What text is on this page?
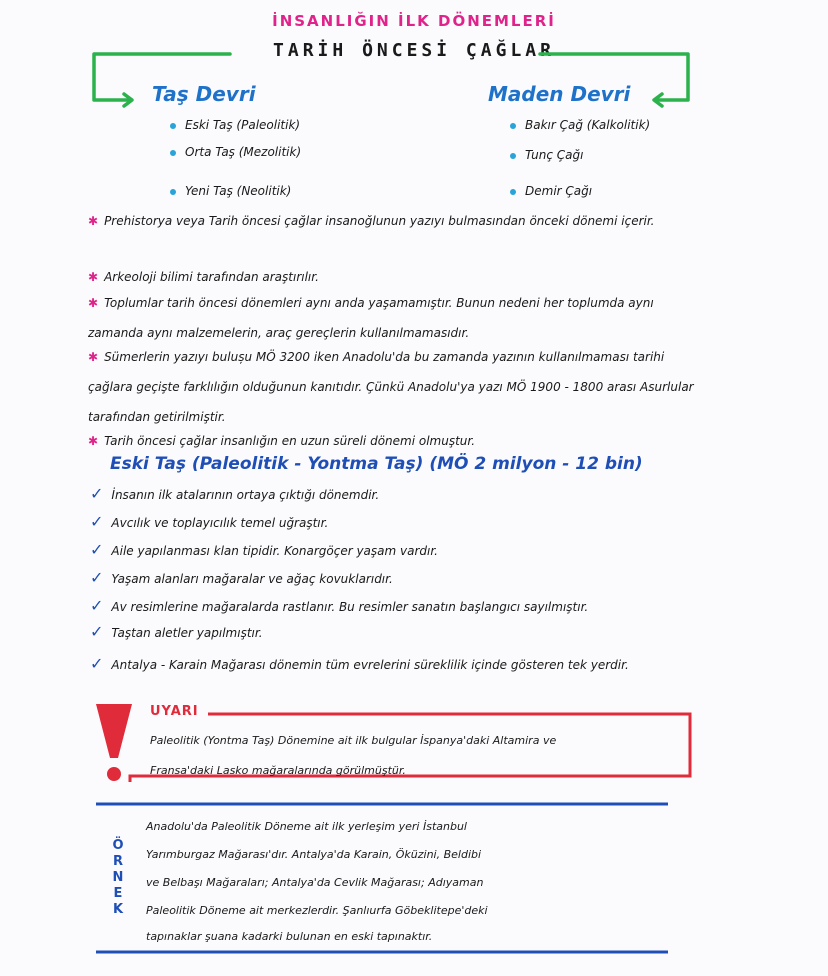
İNSANLIĞIN İLK DÖNEMLERİ
TARİH ÖNCESİ ÇAĞLAR
Taş Devri
Eski Taş (Paleolitik)
Orta Taş (Mezolitik)
Yeni Taş (Neolitik)
Maden Devri
Bakır Çağ (Kalkolitik)
Tunç Çağı
Demir Çağı
✱ Prehistorya veya Tarih öncesi çağlar insanoğlunun yazıyı bulmasından önceki dönemi içerir.
✱ Arkeoloji bilimi tarafından araştırılır.
✱ Toplumlar tarih öncesi dönemleri aynı anda yaşamamıştır. Bunun nedeni her toplumda aynı zamanda aynı malzemelerin, araç gereçlerin kullanılmamasıdır.
✱ Sümerlerin yazıyı bulușu MÖ 3200 iken Anadolu'da bu zamanda yazının kullanılmaması tarihi çağlara geçişte farklılığın olduğunun kanıtıdır. Çünkü Anadolu'ya yazı MÖ 1900 - 1800 arası Asurlular tarafından getirilmiştir.
✱ Tarih öncesi çağlar insanlığın en uzun süreli dönemi olmuştur.
Eski Taş (Paleolitik - Yontma Taş) (MÖ 2 milyon - 12 bin)
✓ İnsanın ilk atalarının ortaya çıktığı dönemdir.
✓ Avcılık ve toplayıcılık temel uğraştır.
✓ Aile yapılanması klan tipidir. Konargöçer yaşam vardır.
✓ Yaşam alanları mağaralar ve ağaç kovuklarıdır.
✓ Av resimlerine mağaralarda rastlanır. Bu resimler sanatın başlangıcı sayılmıştır.
✓ Taştan aletler yapılmıştır.
✓ Antalya - Karain Mağarası dönemin tüm evrelerini süreklilik içinde gösteren tek yerdir.
UYARI
Paleolitik (Yontma Taş) Dönemine ait ilk bulgular İspanya'daki Altamira ve
Fransa'daki Lasko mağaralarında görülmüştür.
Ö
R
N
E
K
Anadolu'da Paleolitik Döneme ait ilk yerleşim yeri İstanbul
Yarımburgaz Mağarası'dır. Antalya'da Karain, Öküzini, Beldibi
ve Belbaşı Mağaraları; Antalya'da Cevlik Mağarası; Adıyaman
Paleolitik Döneme ait merkezlerdir. Şanlıurfa Göbeklitepe'deki
tapınaklar şuana kadarki bulunan en eski tapınaktır.
